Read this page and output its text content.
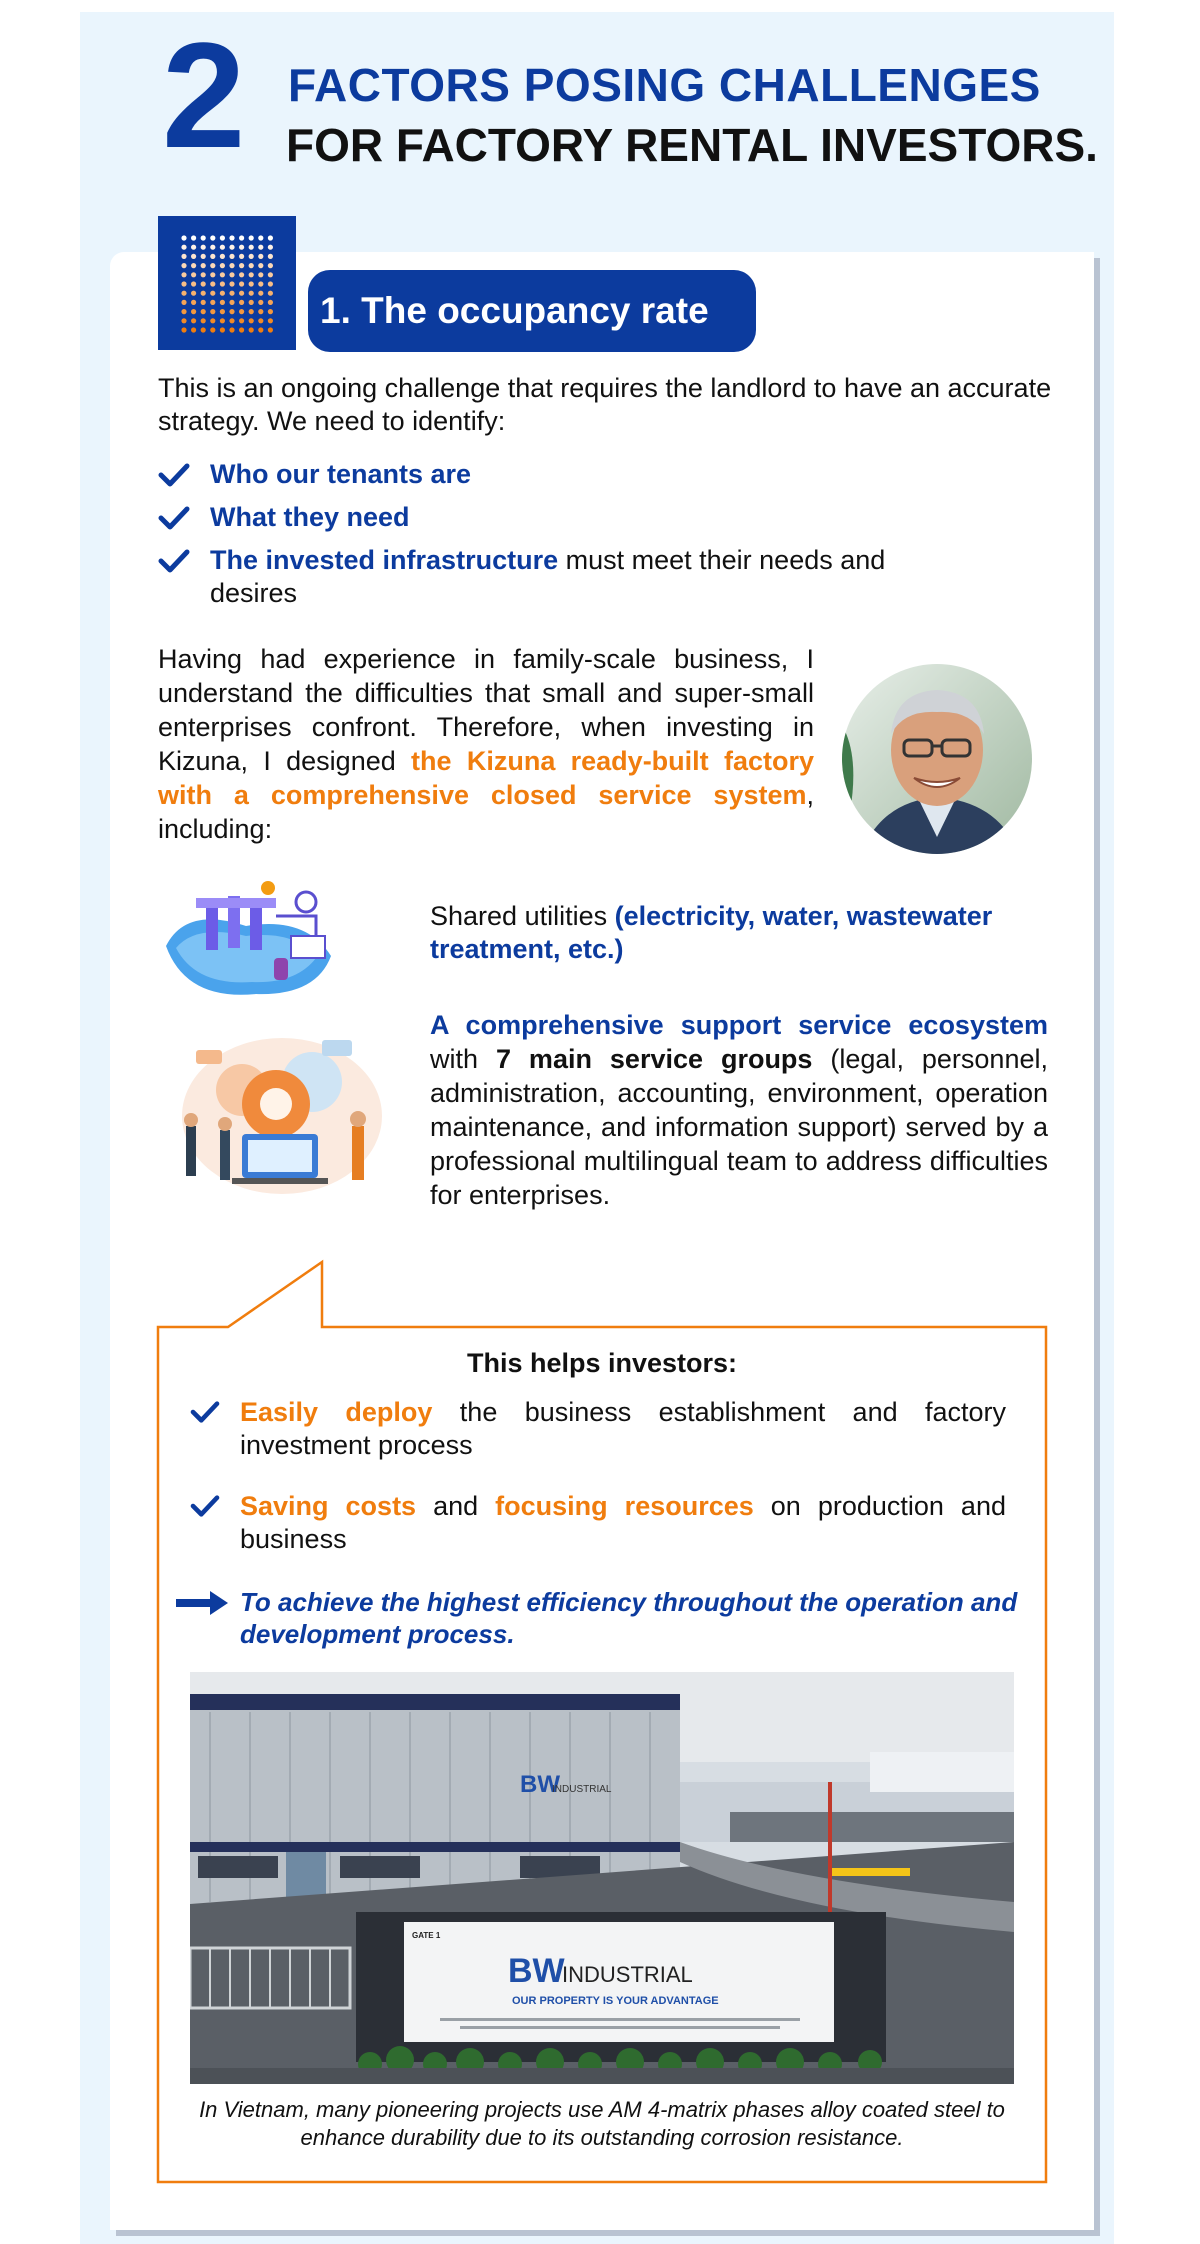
2 FACTORS POSING CHALLENGES
FOR FACTORY RENTAL INVESTORS.
1. The occupancy rate
This is an ongoing challenge that requires the landlord to have an accurate strategy. We need to identify:
Who our tenants are
What they need
The invested infrastructure must meet their needs and desires
Having had experience in family-scale business, I understand the difficulties that small and super-small enterprises confront. Therefore, when investing in Kizuna, I designed the Kizuna ready-built factory with a comprehensive closed service system, including:
Shared utilities (electricity, water, wastewater treatment, etc.)
A comprehensive support service ecosystem with 7 main service groups (legal, personnel, administration, accounting, environment, operation maintenance, and information support) served by a professional multilingual team to address difficulties for enterprises.
This helps investors:
Easily deploy the business establishment and factory investment process
Saving costs and focusing resources on production and business
To achieve the highest efficiency throughout the operation and development process.
BW
INDUSTRIAL
GATE 1
BW
INDUSTRIAL
OUR PROPERTY IS YOUR ADVANTAGE
In Vietnam, many pioneering projects use AM 4-matrix phases alloy coated steel to enhance durability due to its outstanding corrosion resistance.
